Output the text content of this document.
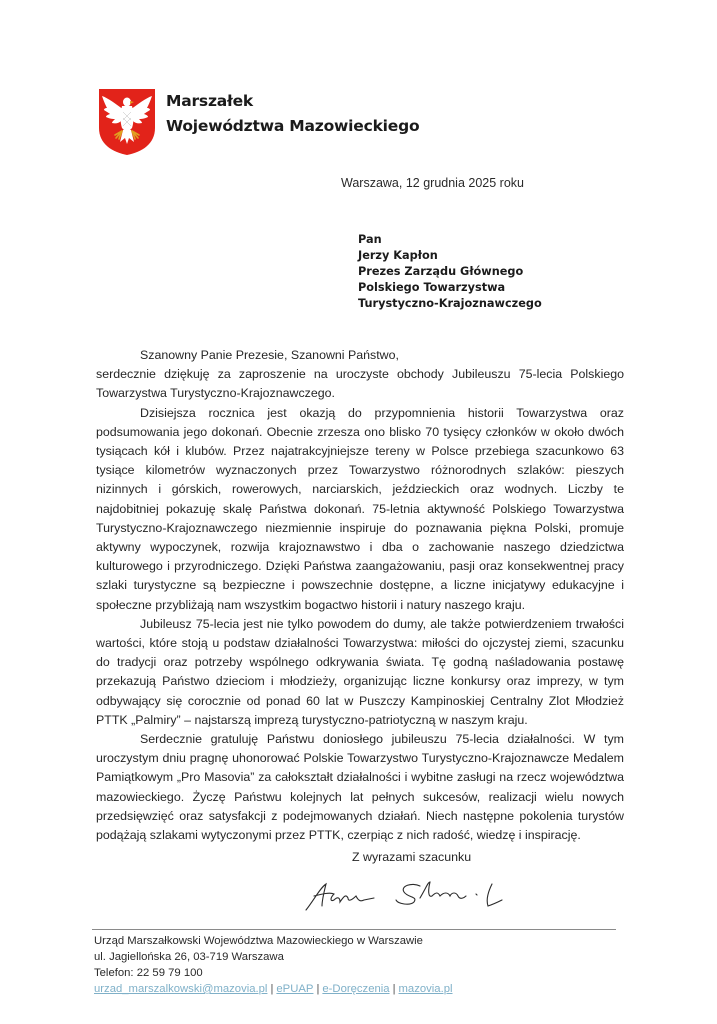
Marszałek
Województwa Mazowieckiego
Warszawa, 12 grudnia 2025 roku
Pan
Jerzy Kapłon
Prezes Zarządu Głównego
Polskiego Towarzystwa
Turystyczno-Krajoznawczego

Szanowny Panie Prezesie, Szanowni Państwo,

serdecznie dziękuję za zaproszenie na uroczyste obchody Jubileuszu 75-lecia Polskiego Towarzystwa Turystyczno-Krajoznawczego.

Dzisiejsza rocznica jest okazją do przypomnienia historii Towarzystwa oraz podsumowania jego dokonań. Obecnie zrzesza ono blisko 70 tysięcy członków w około dwóch tysiącach kół i klubów. Przez najatrakcyjniejsze tereny w Polsce przebiega szacunkowo 63 tysiące kilometrów wyznaczonych przez Towarzystwo różnorodnych szlaków: pieszych nizinnych i górskich, rowerowych, narciarskich, jeździeckich oraz wodnych. Liczby te najdobitniej pokazuję skalę Państwa dokonań. 75-letnia aktywność Polskiego Towarzystwa Turystyczno-Krajoznawczego niezmiennie inspiruje do poznawania piękna Polski, promuje aktywny wypoczynek, rozwija krajoznawstwo i dba o zachowanie naszego dziedzictwa kulturowego i przyrodniczego. Dzięki Państwa zaangażowaniu, pasji oraz konsekwentnej pracy szlaki turystyczne są bezpieczne i powszechnie dostępne, a liczne inicjatywy edukacyjne i społeczne przybliżają nam wszystkim bogactwo historii i natury naszego kraju.

Jubileusz 75-lecia jest nie tylko powodem do dumy, ale także potwierdzeniem trwałości wartości, które stoją u podstaw działalności Towarzystwa: miłości do ojczystej ziemi, szacunku do tradycji oraz potrzeby wspólnego odkrywania świata. Tę godną naśladowania postawę przekazują Państwo dzieciom i młodzieży, organizując liczne konkursy oraz imprezy, w tym odbywający się corocznie od ponad 60 lat w Puszczy Kampinoskiej Centralny Zlot Młodzież PTTK „Palmiry” – najstarszą imprezą turystyczno-patriotyczną w naszym kraju.

Serdecznie gratuluję Państwu doniosłego jubileuszu 75-lecia działalności. W tym uroczystym dniu pragnę uhonorować Polskie Towarzystwo Turystyczno-Krajoznawcze Medalem Pamiątkowym „Pro Masovia” za całokształt działalności i wybitne zasługi na rzecz województwa mazowieckiego. Życzę Państwu kolejnych lat pełnych sukcesów, realizacji wielu nowych przedsięwzięć oraz satysfakcji z podejmowanych działań. Niech następne pokolenia turystów podążają szlakami wytyczonymi przez PTTK, czerpiąc z nich radość, wiedzę i inspirację.

Z wyrazami szacunku
Urząd Marszałkowski Województwa Mazowieckiego w Warszawie
ul. Jagiellońska 26, 03-719 Warszawa
Telefon: 22 59 79 100
urzad_marszalkowski@mazovia.pl | ePUAP | e-Doręczenia | mazovia.pl
